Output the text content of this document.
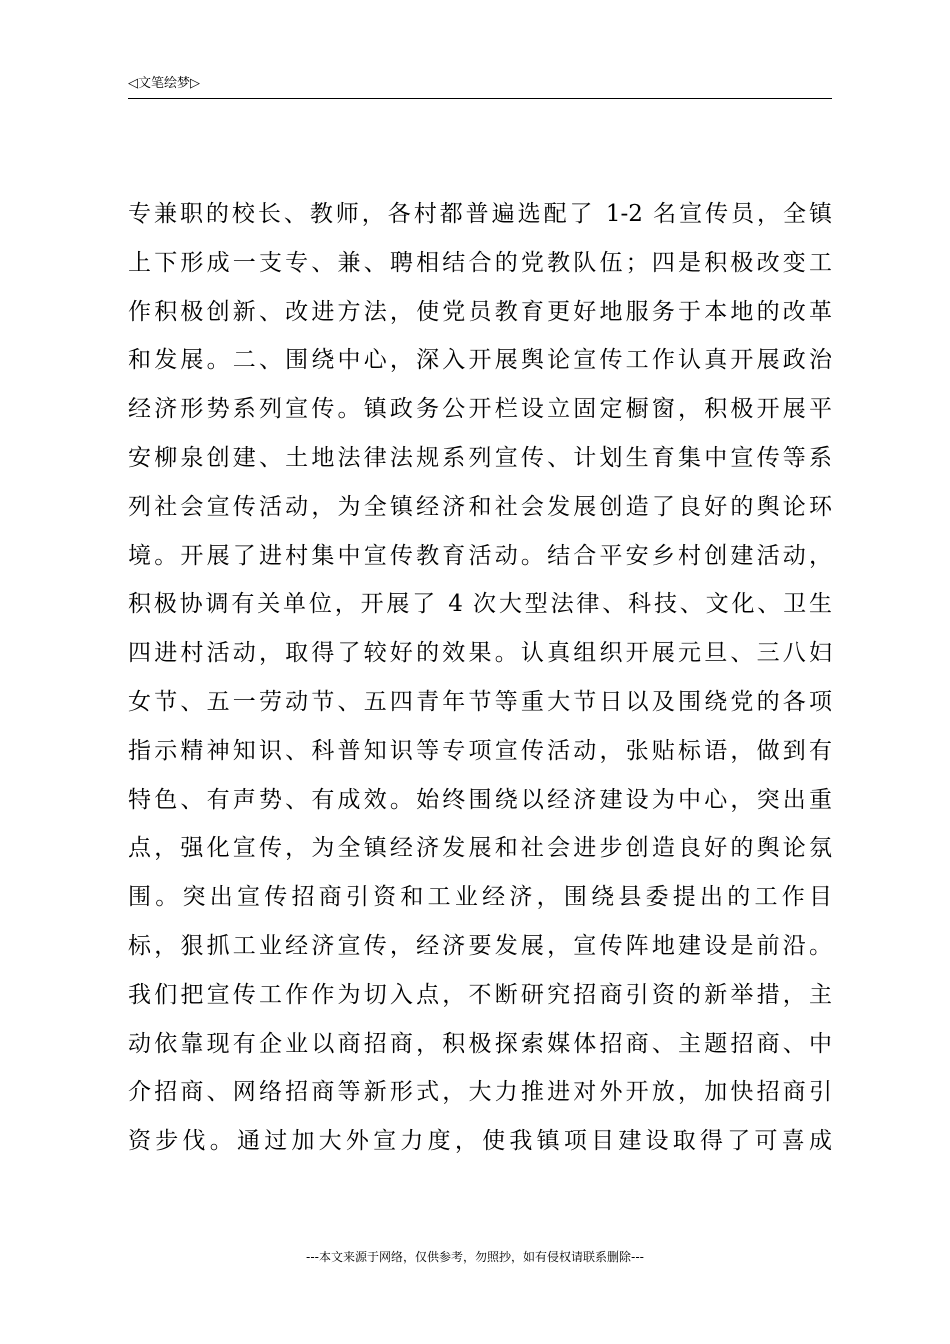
◁文笔绘梦▷
专兼职的校长、教师，各村都普遍选配了 1-2 名宣传员，全镇
上下形成一支专、兼、聘相结合的党教队伍；四是积极改变工
作积极创新、改进方法，使党员教育更好地服务于本地的改革
和发展。二、围绕中心，深入开展舆论宣传工作认真开展政治
经济形势系列宣传。镇政务公开栏设立固定橱窗，积极开展平
安柳泉创建、土地法律法规系列宣传、计划生育集中宣传等系
列社会宣传活动，为全镇经济和社会发展创造了良好的舆论环
境。开展了进村集中宣传教育活动。结合平安乡村创建活动，
积极协调有关单位，开展了 4 次大型法律、科技、文化、卫生
四进村活动，取得了较好的效果。认真组织开展元旦、三八妇
女节、五一劳动节、五四青年节等重大节日以及围绕党的各项
指示精神知识、科普知识等专项宣传活动，张贴标语，做到有
特色、有声势、有成效。始终围绕以经济建设为中心，突出重
点，强化宣传，为全镇经济发展和社会进步创造良好的舆论氛
围。突出宣传招商引资和工业经济，围绕县委提出的工作目
标，狠抓工业经济宣传，经济要发展，宣传阵地建设是前沿。
我们把宣传工作作为切入点，不断研究招商引资的新举措，主
动依靠现有企业以商招商，积极探索媒体招商、主题招商、中
介招商、网络招商等新形式，大力推进对外开放，加快招商引
资步伐。通过加大外宣力度，使我镇项目建设取得了可喜成
---本文来源于网络，仅供参考，勿照抄，如有侵权请联系删除---
